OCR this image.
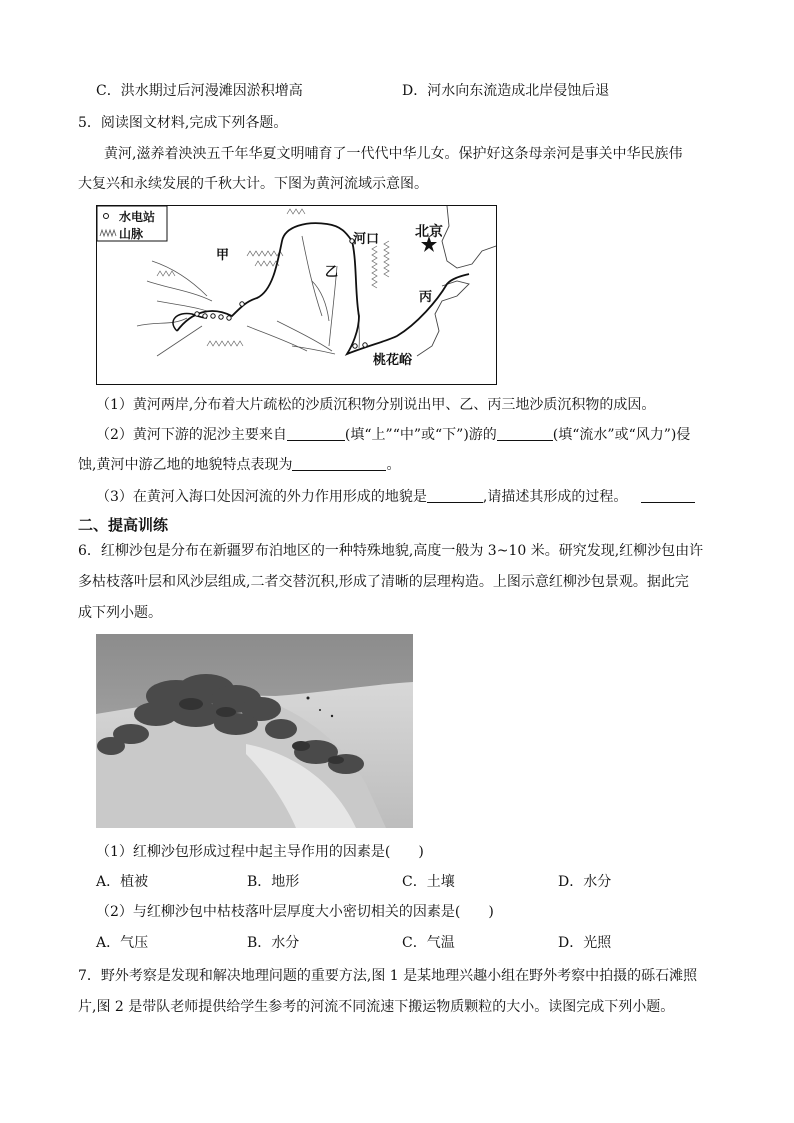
C．洪水期过后河漫滩因淤积增高	D．河水向东流造成北岸侵蚀后退
5．阅读图文材料,完成下列各题。
黄河,滋养着泱泱五千年华夏文明哺育了一代代中华儿女。保护好这条母亲河是事关中华民族伟
大复兴和永续发展的千秋大计。下图为黄河流域示意图。
水电站
山脉
甲
乙
丙
河口	北京
桃花峪
（1）黄河两岸,分布着大片疏松的沙质沉积物分别说出甲、乙、丙三地沙质沉积物的成因。
（2）黄河下游的泥沙主要来自	(填“上”“中”或“下”)游的	(填“流水”或“风力”)侵
蚀,黄河中游乙地的地貌特点表现为	。
（3）在黄河入海口处因河流的外力作用形成的地貌是	,请描述其形成的过程。
二、提高训练
6．红柳沙包是分布在新疆罗布泊地区的一种特殊地貌,高度一般为 3~10 米。研究发现,红柳沙包由许
多枯枝落叶层和风沙层组成,二者交替沉积,形成了清晰的层理构造。上图示意红柳沙包景观。据此完
成下列小题。
（1）红柳沙包形成过程中起主导作用的因素是(　　)
A．植被	B．地形	C．土壤	D．水分
（2）与红柳沙包中枯枝落叶层厚度大小密切相关的因素是(　　)
A．气压	B．水分	C．气温	D．光照
7．野外考察是发现和解决地理问题的重要方法,图 1 是某地理兴趣小组在野外考察中拍摄的砾石滩照
片,图 2 是带队老师提供给学生参考的河流不同流速下搬运物质颗粒的大小。读图完成下列小题。
